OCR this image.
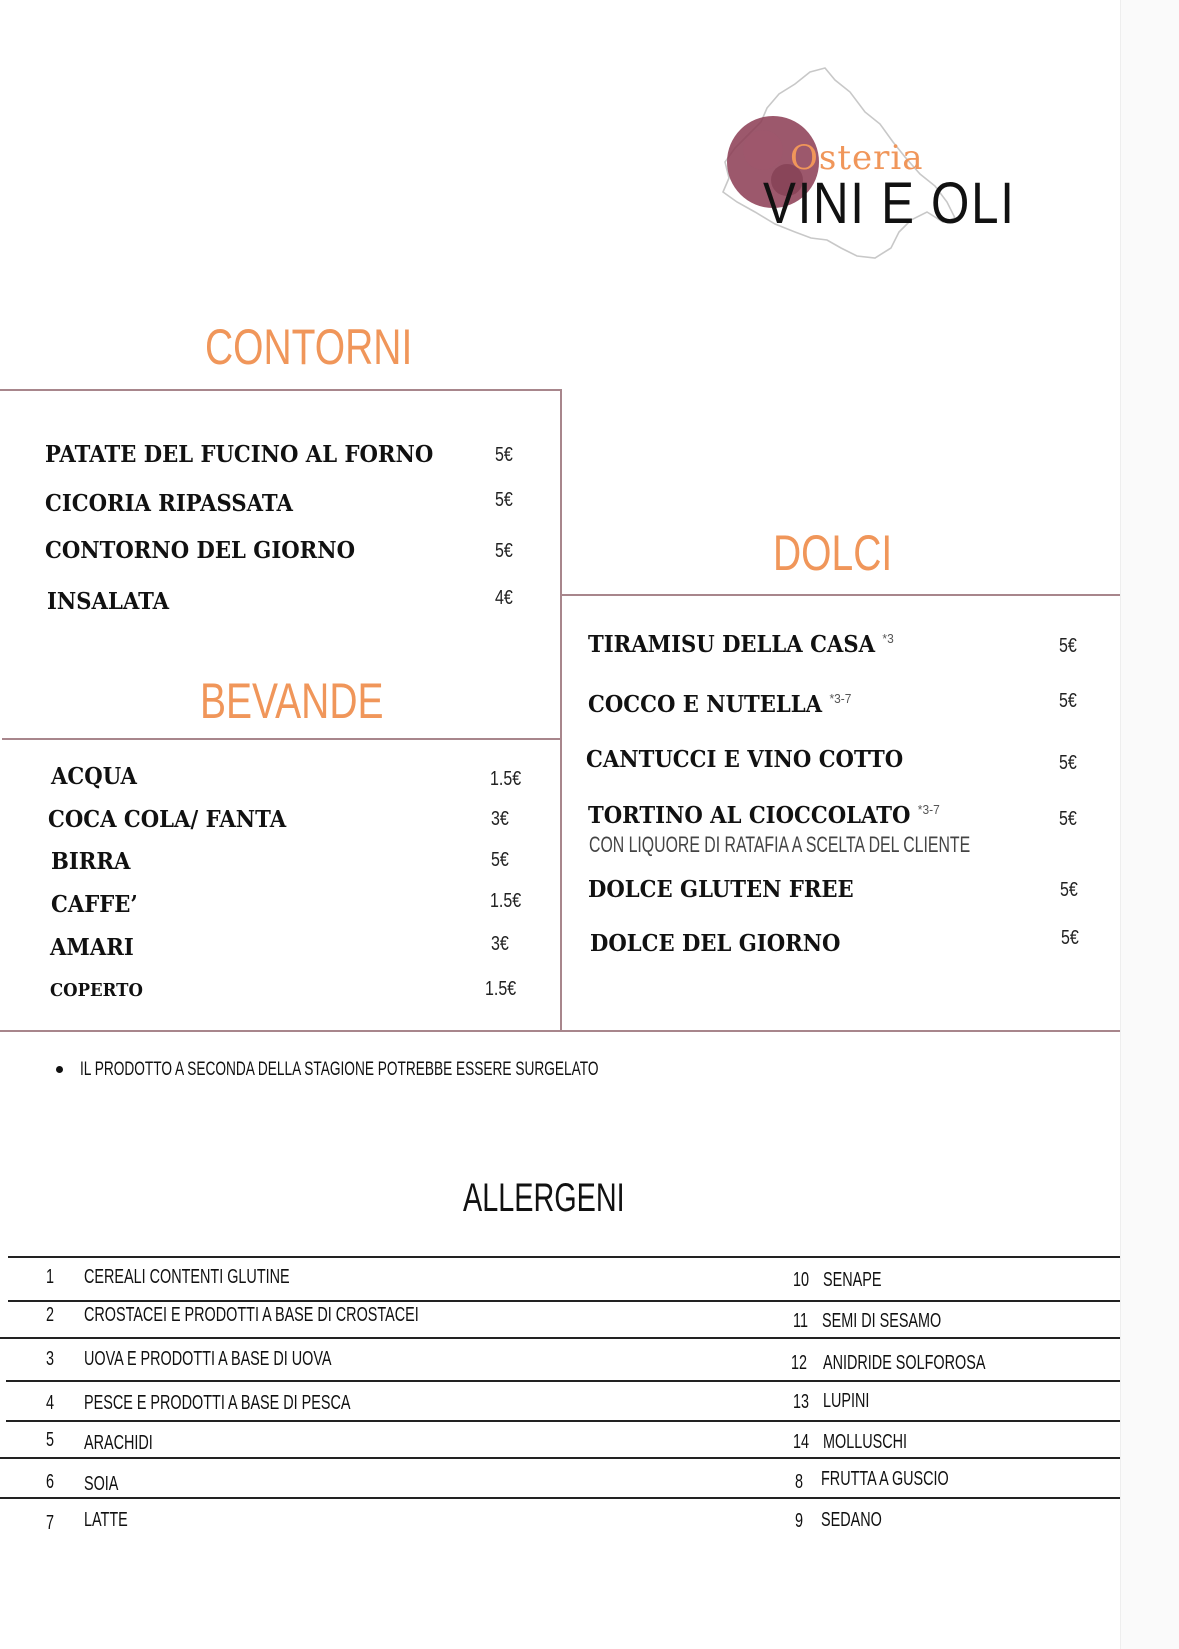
Osteria
VINI E OLI
CONTORNI
PATATE DEL FUCINO AL FORNO	5€
CICORIA RIPASSATA	5€
CONTORNO DEL GIORNO	5€
INSALATA	4€
BEVANDE
ACQUA	1.5€
COCA COLA/ FANTA	3€
BIRRA	5€
CAFFE’	1.5€
AMARI	3€
COPERTO	1.5€
DOLCI
TIRAMISU DELLA CASA $^{*3}$	5€
COCCO E NUTELLA $^{*3-7}$	5€
CANTUCCI E VINO COTTO	5€
TORTINO AL CIOCCOLATO $^{*3-7}$
CON LIQUORE DI RATAFIA A SCELTA DEL CLIENTE
5€
DOLCE GLUTEN FREE	5€
DOLCE DEL GIORNO	5€
IL PRODOTTO A SECONDA DELLA STAGIONE POTREBBE ESSERE SURGELATO
ALLERGENI
1 CEREALI CONTENTI GLUTINE
2 CROSTACEI E PRODOTTI A BASE DI CROSTACEI
3 UOVA E PRODOTTI A BASE DI UOVA
4 PESCE E PRODOTTI A BASE DI PESCA
5 ARACHIDI
6 SOIA
7 LATTE
10 SENAPE
11 SEMI DI SESAMO
12 ANIDRIDE SOLFOROSA
13 LUPINI
14 MOLLUSCHI
8 FRUTTA A GUSCIO
9 SEDANO
